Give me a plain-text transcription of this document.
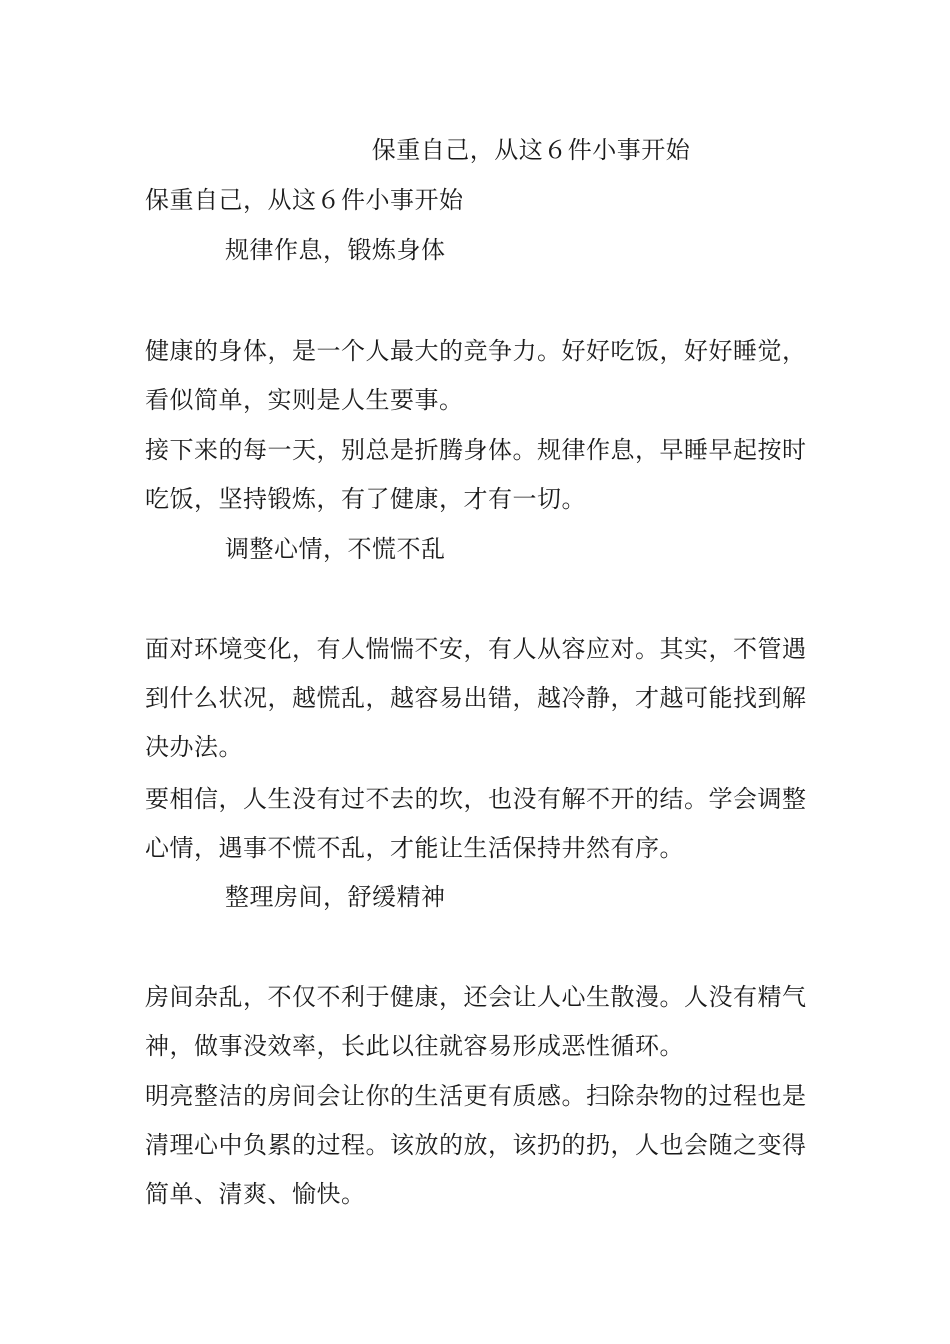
保重自己，从这６件小事开始
保重自己，从这６件小事开始
规律作息，锻炼身体
健康的身体，是一个人最大的竞争力。好好吃饭，好好睡觉，看似简单，实则是人生要事。
接下来的每一天，别总是折腾身体。规律作息，早睡早起按时吃饭，坚持锻炼，有了健康，才有一切。
调整心情，不慌不乱
面对环境变化，有人惴惴不安，有人从容应对。其实，不管遇到什么状况，越慌乱，越容易出错，越冷静，才越可能找到解决办法。
要相信，人生没有过不去的坎，也没有解不开的结。学会调整心情，遇事不慌不乱，才能让生活保持井然有序。
整理房间，舒缓精神
房间杂乱，不仅不利于健康，还会让人心生散漫。人没有精气神，做事没效率，长此以往就容易形成恶性循环。
明亮整洁的房间会让你的生活更有质感。扫除杂物的过程也是清理心中负累的过程。该放的放，该扔的扔，人也会随之变得简单、清爽、愉快。
